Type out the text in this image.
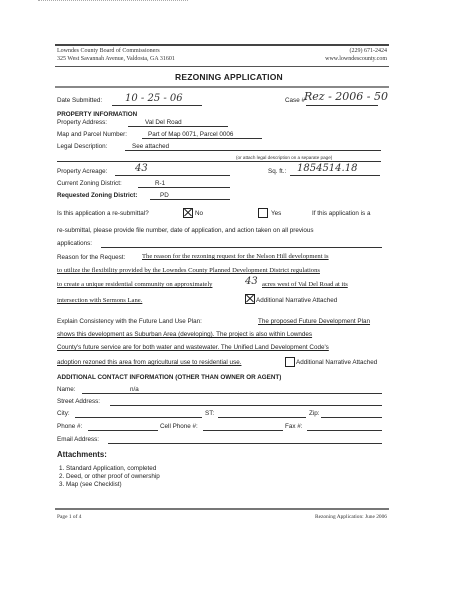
Lowndes County Board of Commissioners
325 West Savannah Avenue, Valdosta, GA 31601
(229) 671-2424
www.lowndescounty.com
REZONING APPLICATION
Date Submitted: 10 - 25 - 06	Case # Rez - 2006 - 50
PROPERTY INFORMATION
Property Address:	Val Del Road
Map and Parcel Number:	Part of Map 0071, Parcel 0006
Legal Description:	See attached
(or attach legal description on a separate page)
Property Acreage:	43	Sq. ft.: 1854514.18
Current Zoning District:	R-1
Requested Zoning District:	PD
Is this application a re-submittal?	No	Yes	If this application is a
re-submittal, please provide file number, date of application, and action taken on all previous
applications:
Reason for the Request:	The reason for the rezoning request for the Nelson Hill development is
to utilize the flexibility provided by the Lowndes County Planned Development District regulations
to create a unique residential community on approximately	43 acres west of Val Del Road at its
intersection with Sermons Lane.	Additional Narrative Attached
Explain Consistency with the Future Land Use Plan:	The proposed Future Development Plan
shows this development as Suburban Area (developing). The project is also within Lowndes
County's future service are for both water and wastewater. The Unified Land Development Code's
adoption rezoned this area from agricultural use to residential use.	Additional Narrative Attached
ADDITIONAL CONTACT INFORMATION (OTHER THAN OWNER OR AGENT)
Name:	n/a
Street Address:
City:	ST:	Zip:
Phone #:	Cell Phone #:	Fax #:
Email Address:
Attachments:
1. Standard Application, completed
2. Deed, or other proof of ownership
3. Map (see Checklist)
Page 1 of 4	Rezoning Application: June 2006
